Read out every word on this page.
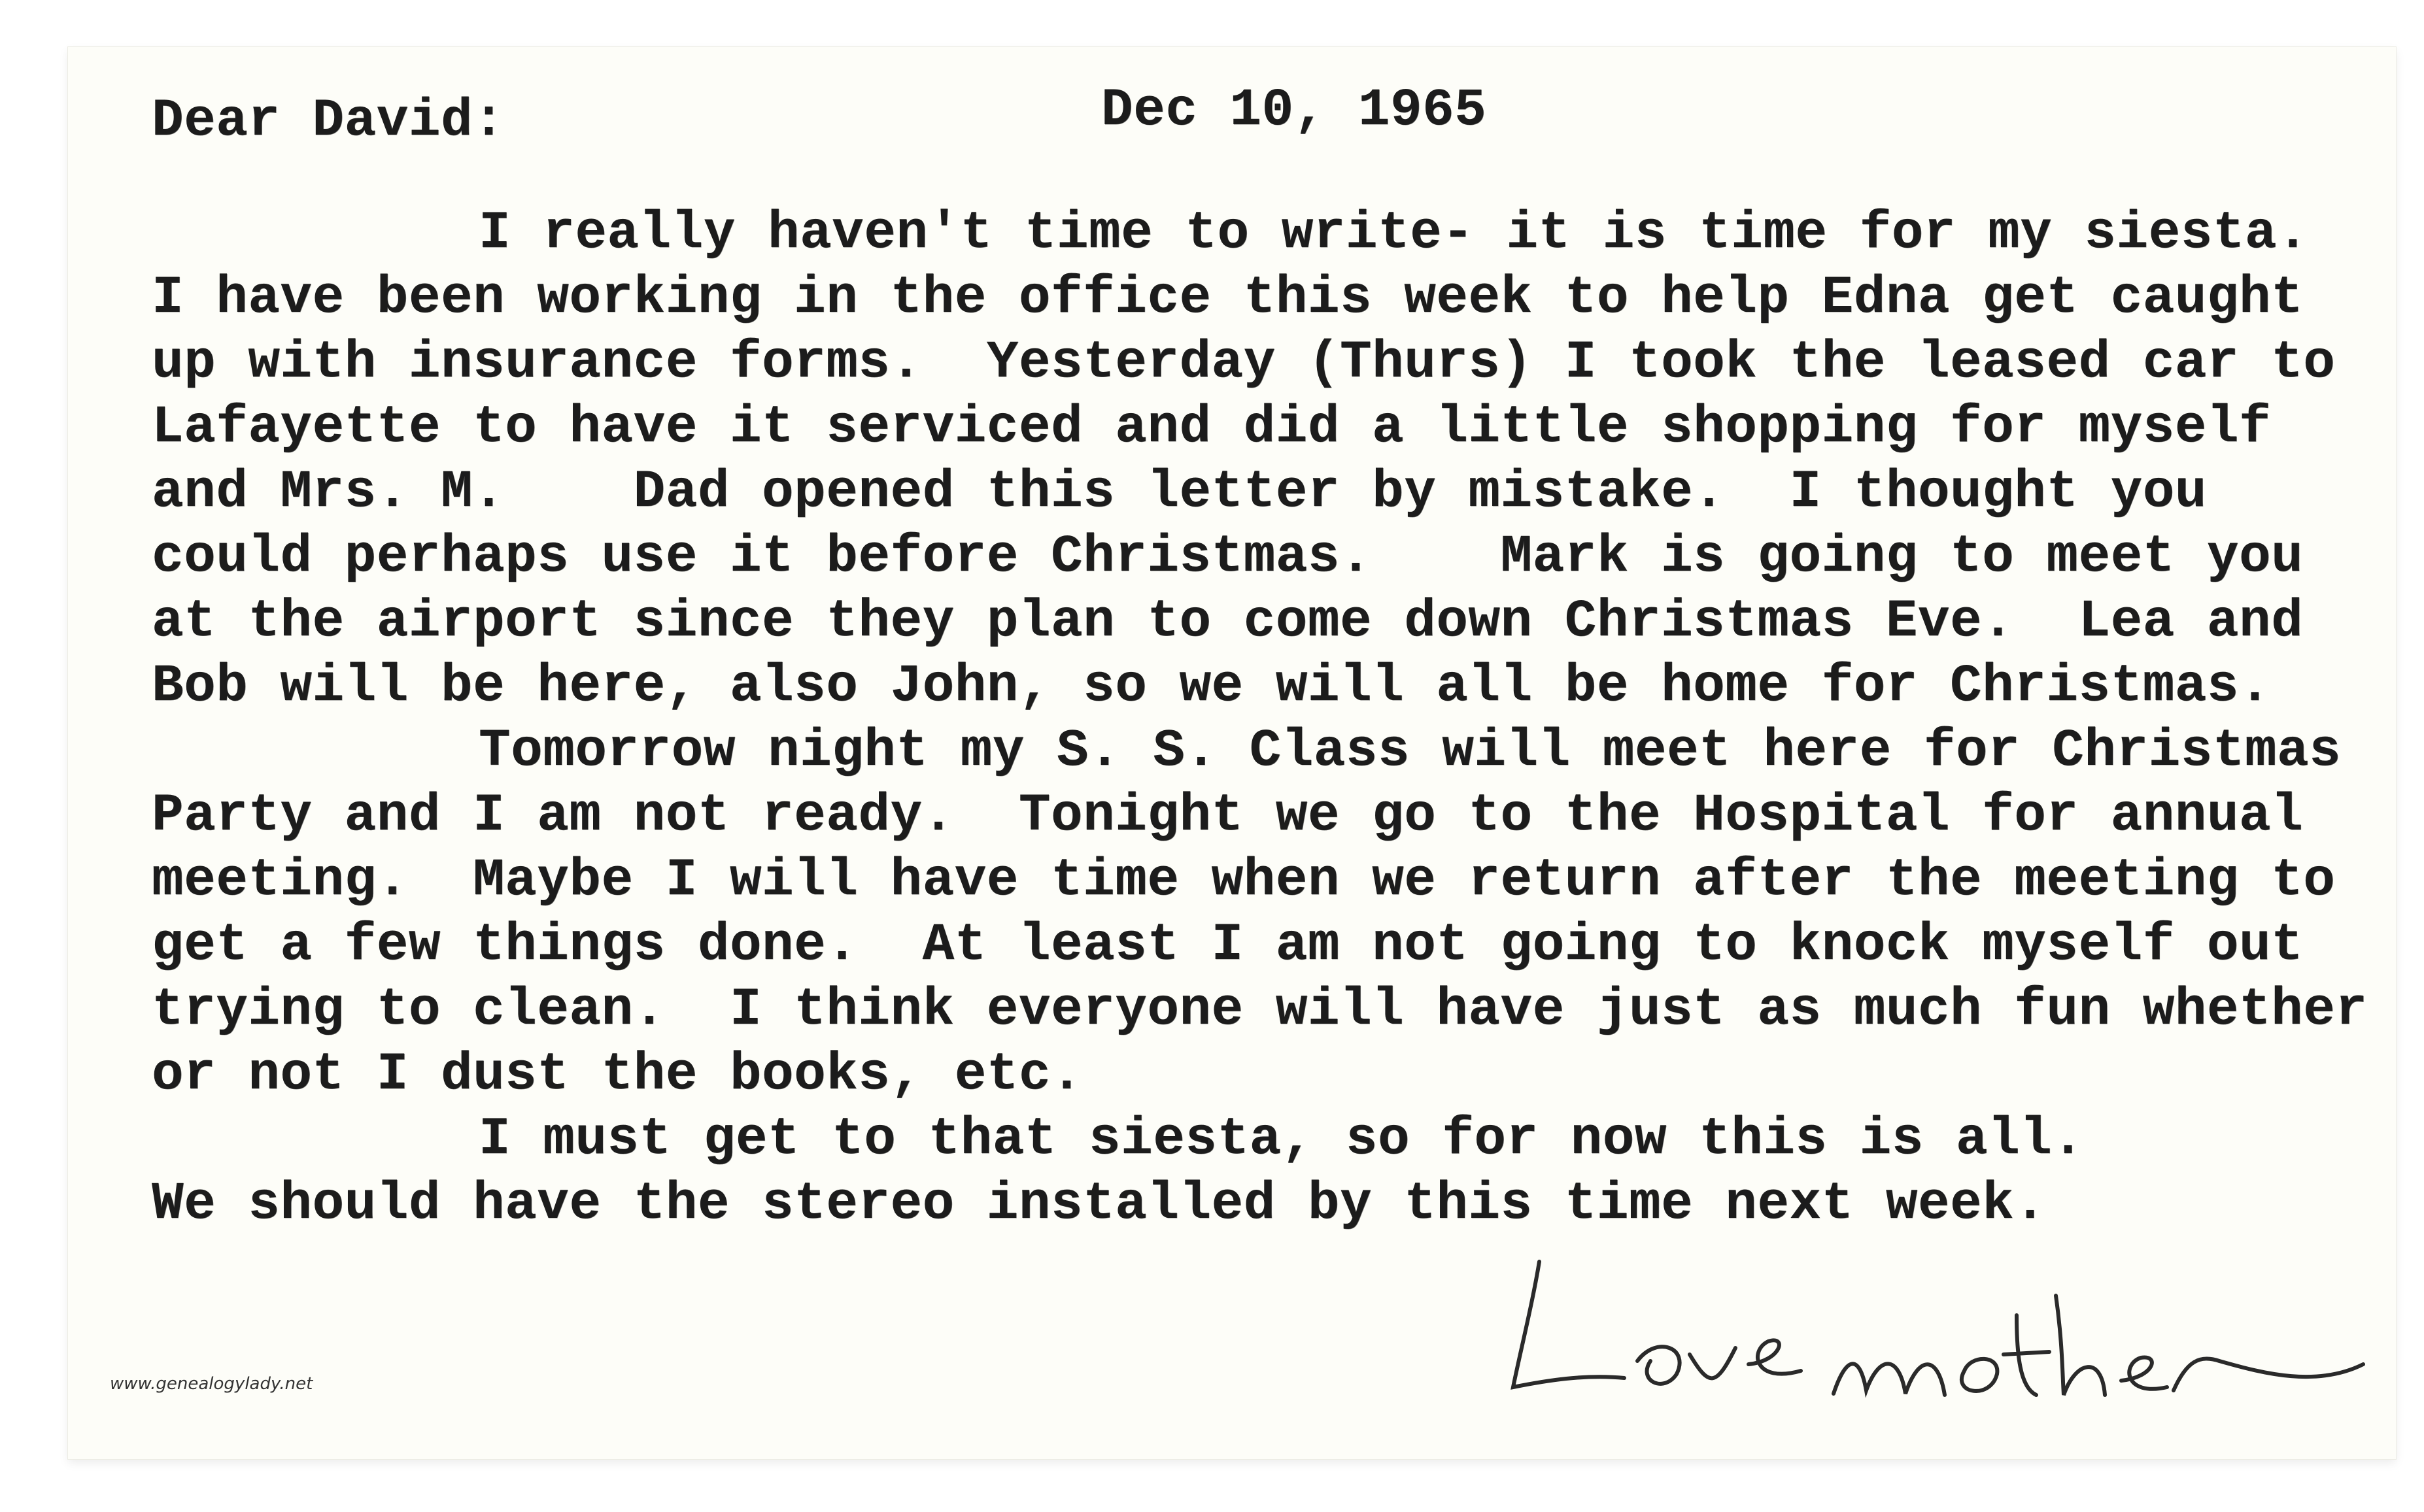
Dear David:	Dec 10, 1965

I really haven't time to write- it is time for my siesta.

I have been working in the office this week to help Edna get caught

up with insurance forms.  Yesterday (Thurs) I took the leased car to

Lafayette to have it serviced and did a little shopping for myself

and Mrs. M.    Dad opened this letter by mistake.  I thought you

could perhaps use it before Christmas.    Mark is going to meet you

at the airport since they plan to come down Christmas Eve.  Lea and

Bob will be here, also John, so we will all be home for Christmas.

Tomorrow night my S. S. Class will meet here for Christmas

Party and I am not ready.  Tonight we go to the Hospital for annual

meeting.  Maybe I will have time when we return after the meeting to

get a few things done.  At least I am not going to knock myself out

trying to clean.  I think everyone will have just as much fun whether

or not I dust the books, etc.

I must get to that siesta, so for now this is all.

We should have the stereo installed by this time next week.

www.genealogylady.net
